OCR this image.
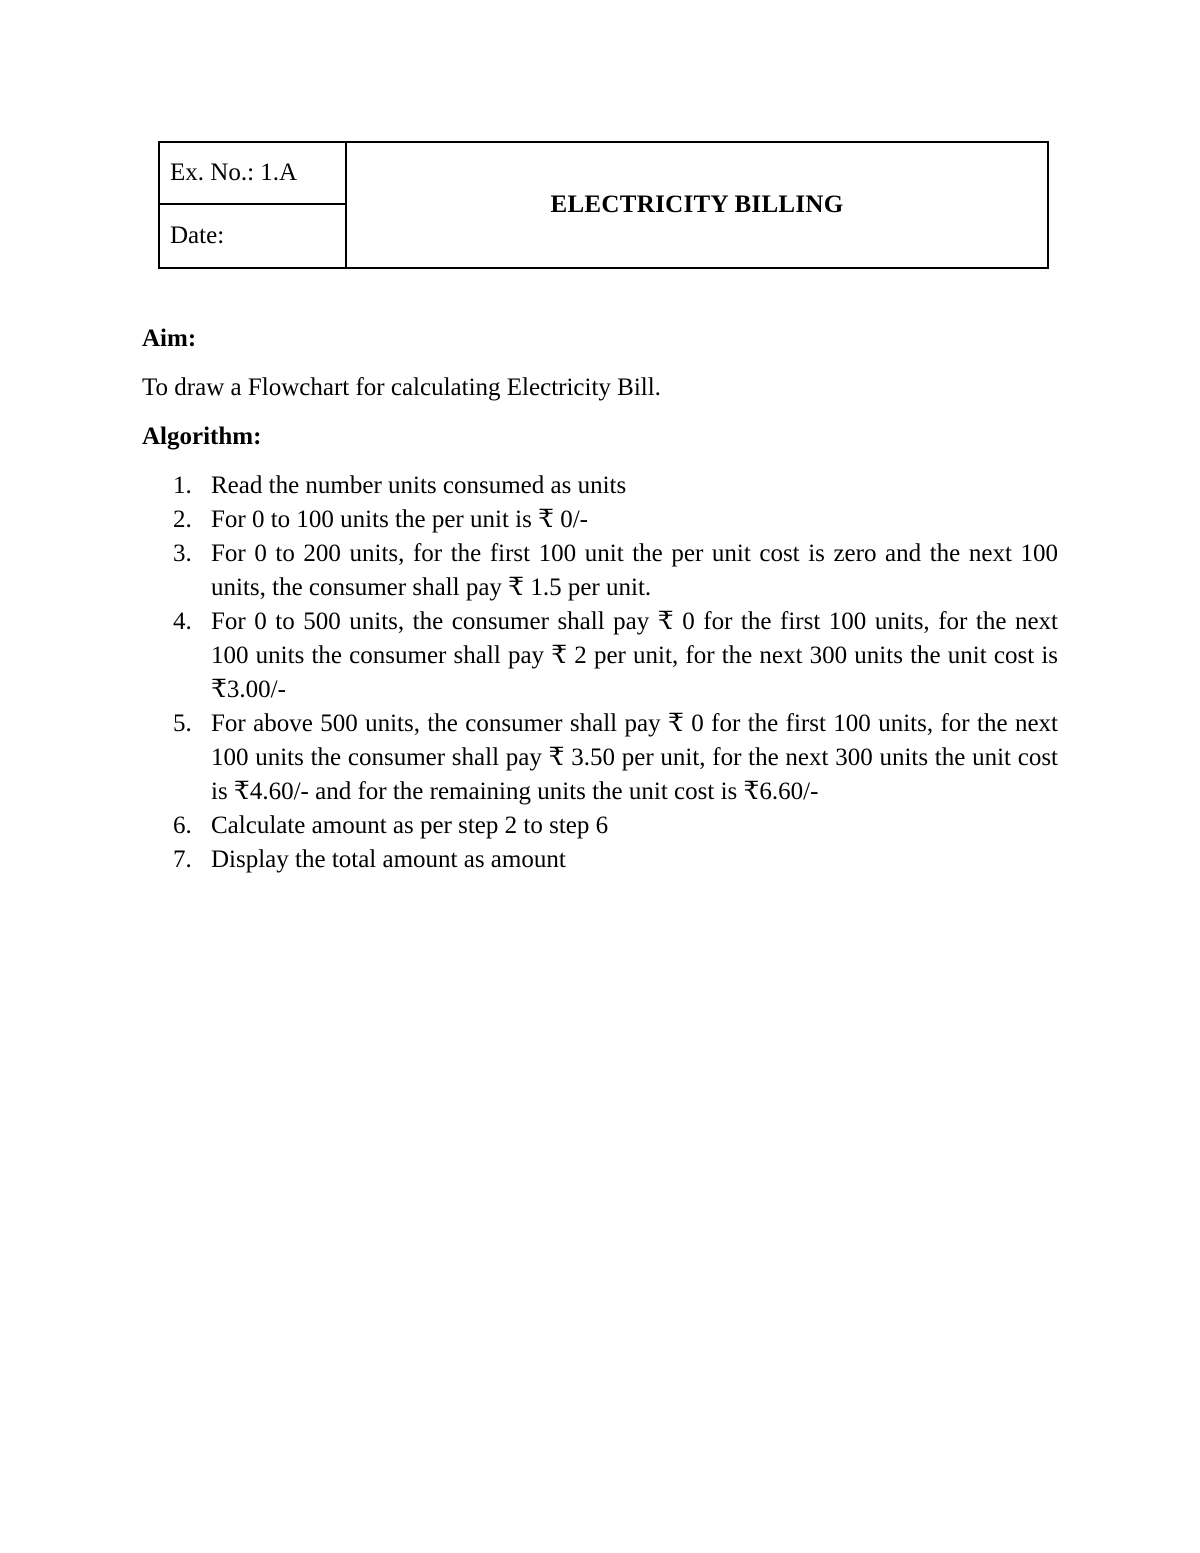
Ex. No.: 1.A
Date:
ELECTRICITY BILLING

Aim:

To draw a Flowchart for calculating Electricity Bill.

Algorithm:

1. Read the number units consumed as units
2. For 0 to 100 units the per unit is ₹ 0/-
3. For 0 to 200 units, for the first 100 unit the per unit cost is zero and the next 100 units, the consumer shall pay ₹ 1.5 per unit.
4. For 0 to 500 units, the consumer shall pay ₹ 0 for the first 100 units, for the next 100 units the consumer shall pay ₹ 2 per unit, for the next 300 units the unit cost is ₹3.00/-
5. For above 500 units, the consumer shall pay ₹ 0 for the first 100 units, for the next 100 units the consumer shall pay ₹ 3.50 per unit, for the next 300 units the unit cost is ₹4.60/- and for the remaining units the unit cost is ₹6.60/-
6. Calculate amount as per step 2 to step 6
7. Display the total amount as amount
